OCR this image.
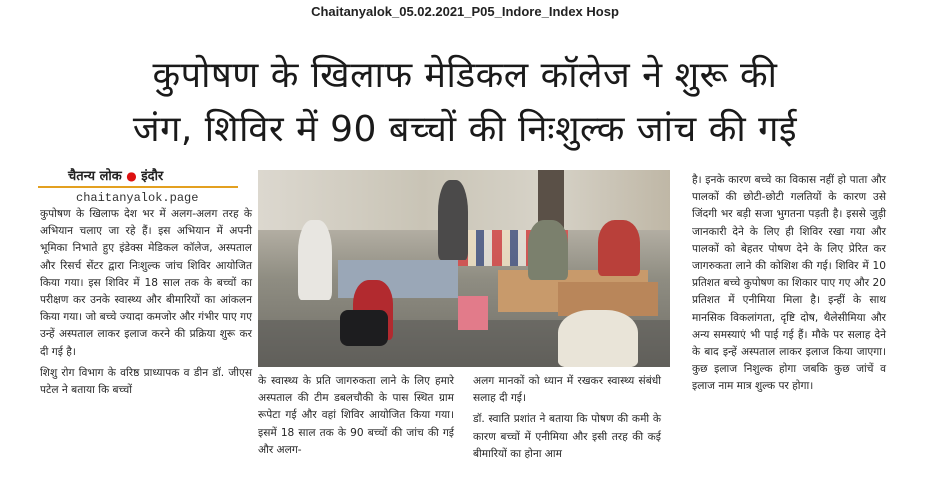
Chaitanyalok_05.02.2021_P05_Indore_Index Hosp
कुपोषण के खिलाफ मेडिकल कॉलेज ने शुरू की
जंग, शिविर में 90 बच्चों की निःशुल्क जांच की गई
चैतन्य लोक ● इंदौर
chaitanyalok.page

कुपोषण के खिलाफ देश भर में अलग-अलग तरह के अभियान चलाए जा रहे हैं। इस अभियान में अपनी भूमिका निभाते हुए इंडेक्स मेडिकल कॉलेज, अस्पताल और रिसर्च सेंटर द्वारा निःशुल्क जांच शिविर आयोजित किया गया। इस शिविर में 18 साल तक के बच्चों का परीक्षण कर उनके स्वास्थ्य और बीमारियों का आंकलन किया गया। जो बच्चे ज्यादा कमजोर और गंभीर पाए गए उन्हें अस्पताल लाकर इलाज करने की प्रक्रिया शुरू कर दी गई है।

शिशु रोग विभाग के वरिष्ठ प्राध्यापक व डीन डॉ. जीएस पटेल ने बताया कि बच्चों

के स्वास्थ्य के प्रति जागरुकता लाने के लिए हमारे अस्पताल की टीम डबलचौकी के पास स्थित ग्राम रूपेटा गई और वहां शिविर आयोजित किया गया। इसमें 18 साल तक के 90 बच्चों की जांच की गई और अलग-

अलग मानकों को ध्यान में रखकर स्वास्थ्य संबंधी सलाह दी गई।

डॉ. स्वाति प्रशांत ने बताया कि पोषण की कमी के कारण बच्चों में एनीमिया और इसी तरह की कई बीमारियों का होना आम

है। इनके कारण बच्चे का विकास नहीं हो पाता और पालकों की छोटी-छोटी गलतियों के कारण उसे जिंदगी भर बड़ी सजा भुगतना पड़ती है। इससे जुड़ी जानकारी देने के लिए ही शिविर रखा गया और पालकों को बेहतर पोषण देने के लिए प्रेरित कर जागरुकता लाने की कोशिश की गई। शिविर में 10 प्रतिशत बच्चे कुपोषण का शिकार पाए गए और 20 प्रतिशत में एनीमिया मिला है। इन्हीं के साथ मानसिक विकलांगता, दृष्टि दोष, थैलेसीमिया और अन्य समस्याएं भी पाई गई हैं। मौके पर सलाह देने के बाद इन्हें अस्पताल लाकर इलाज किया जाएगा। कुछ इलाज निशुल्क होगा जबकि कुछ जांचें व इलाज नाम मात्र शुल्क पर होगा।
